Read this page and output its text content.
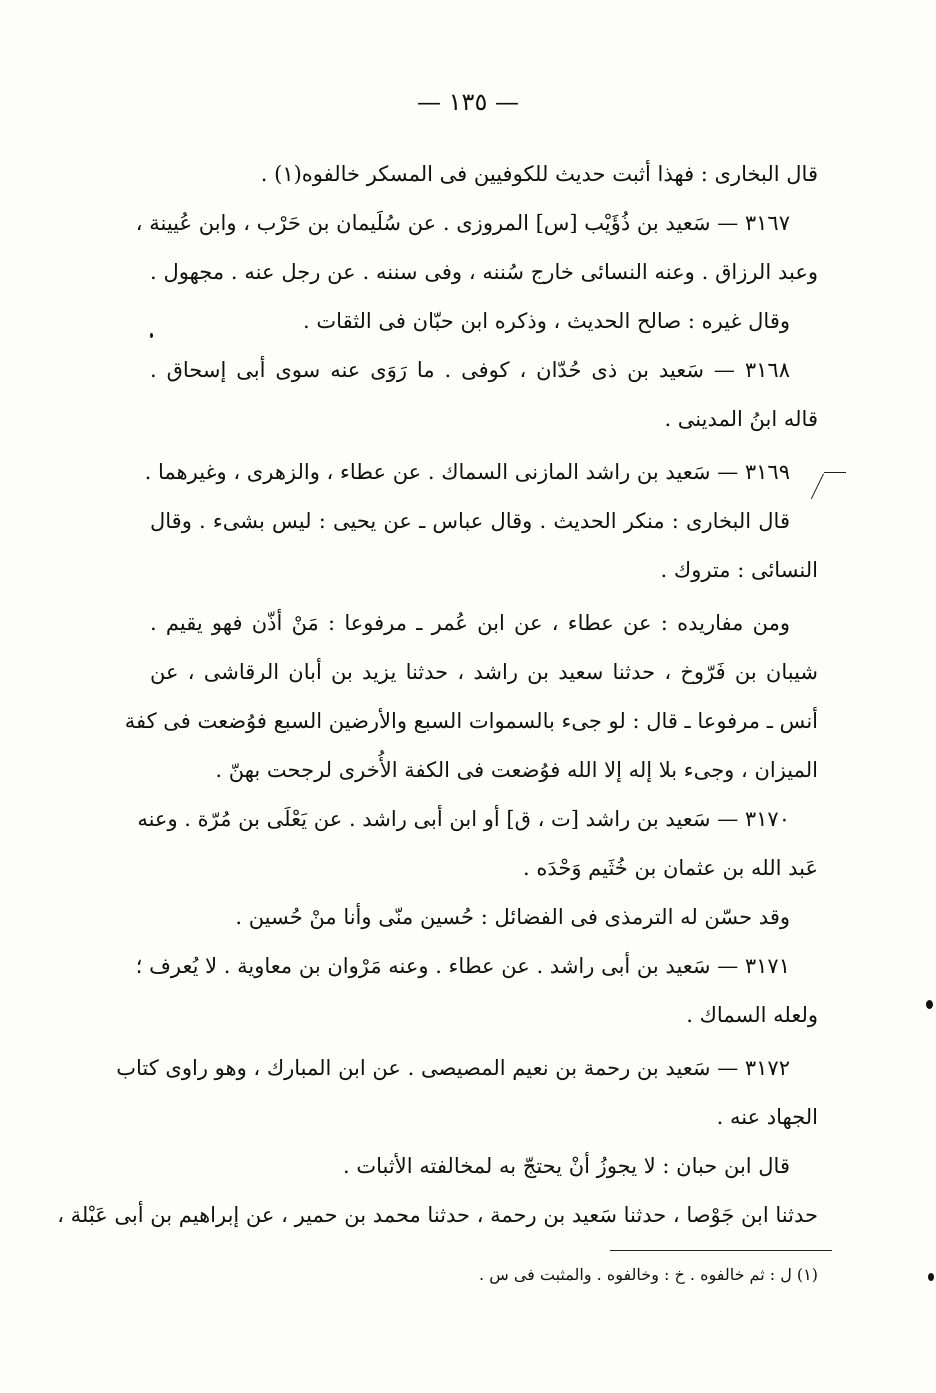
— ١٣٥ —
قال البخارى : فهذا أثبت حديث للكوفيين فى المسكر خالفوه(١) .
٣١٦٧ — سَعيد بن ذُؤَيْب [س] المروزى . عن سُلَيمان بن حَرْب ، وابن عُيينة ،
وعبد الرزاق . وعنه النسائى خارج سُننه ، وفى سننه . عن رجل عنه . مجهول .
وقال غيره : صالح الحديث ، وذكره ابن حبّان فى الثقات .
٣١٦٨ — سَعيد بن ذى حُدّان ، كوفى . ما رَوَى عنه سوى أبى إسحاق .
قاله ابنُ المدينى .
٣١٦٩ — سَعيد بن راشد المازنى السماك . عن عطاء ، والزهرى ، وغيرهما .
قال البخارى : منكر الحديث . وقال عباس ـ عن يحيى : ليس بشىء . وقال
النسائى : متروك .
ومن مفاريده : عن عطاء ، عن ابن عُمر ـ مرفوعا : مَنْ أذّن فهو يقيم .
شيبان بن فَرّوخ ، حدثنا سعيد بن راشد ، حدثنا يزيد بن أبان الرقاشى ، عن
أنس ـ مرفوعا ـ قال : لو جىء بالسموات السبع والأرضين السبع فوُضعت فى كفة
الميزان ، وجىء بلا إله إلا الله فوُضعت فى الكفة الأُخرى لرجحت بهنّ .
٣١٧٠ — سَعيد بن راشد [ت ، ق] أو ابن أبى راشد . عن يَعْلَى بن مُرّة . وعنه
عَبد الله بن عثمان بن خُثَيم وَحْدَه .
وقد حسّن له الترمذى فى الفضائل : حُسين منّى وأنا منْ حُسين .
٣١٧١ — سَعيد بن أبى راشد . عن عطاء . وعنه مَرْوان بن معاوية . لا يُعرف ؛
ولعله السماك .
٣١٧٢ — سَعيد بن رحمة بن نعيم المصيصى . عن ابن المبارك ، وهو راوى كتاب
الجهاد عنه .
قال ابن حبان : لا يجوزُ أنْ يحتجّ به لمخالفته الأثبات .
حدثنا ابن جَوْصا ، حدثنا سَعيد بن رحمة ، حدثنا محمد بن حمير ، عن إبراهيم بن أبى عَبْلة ،
(١) ل : ثم خالفوه . خ : وخالفوه . والمثبت فى س .
